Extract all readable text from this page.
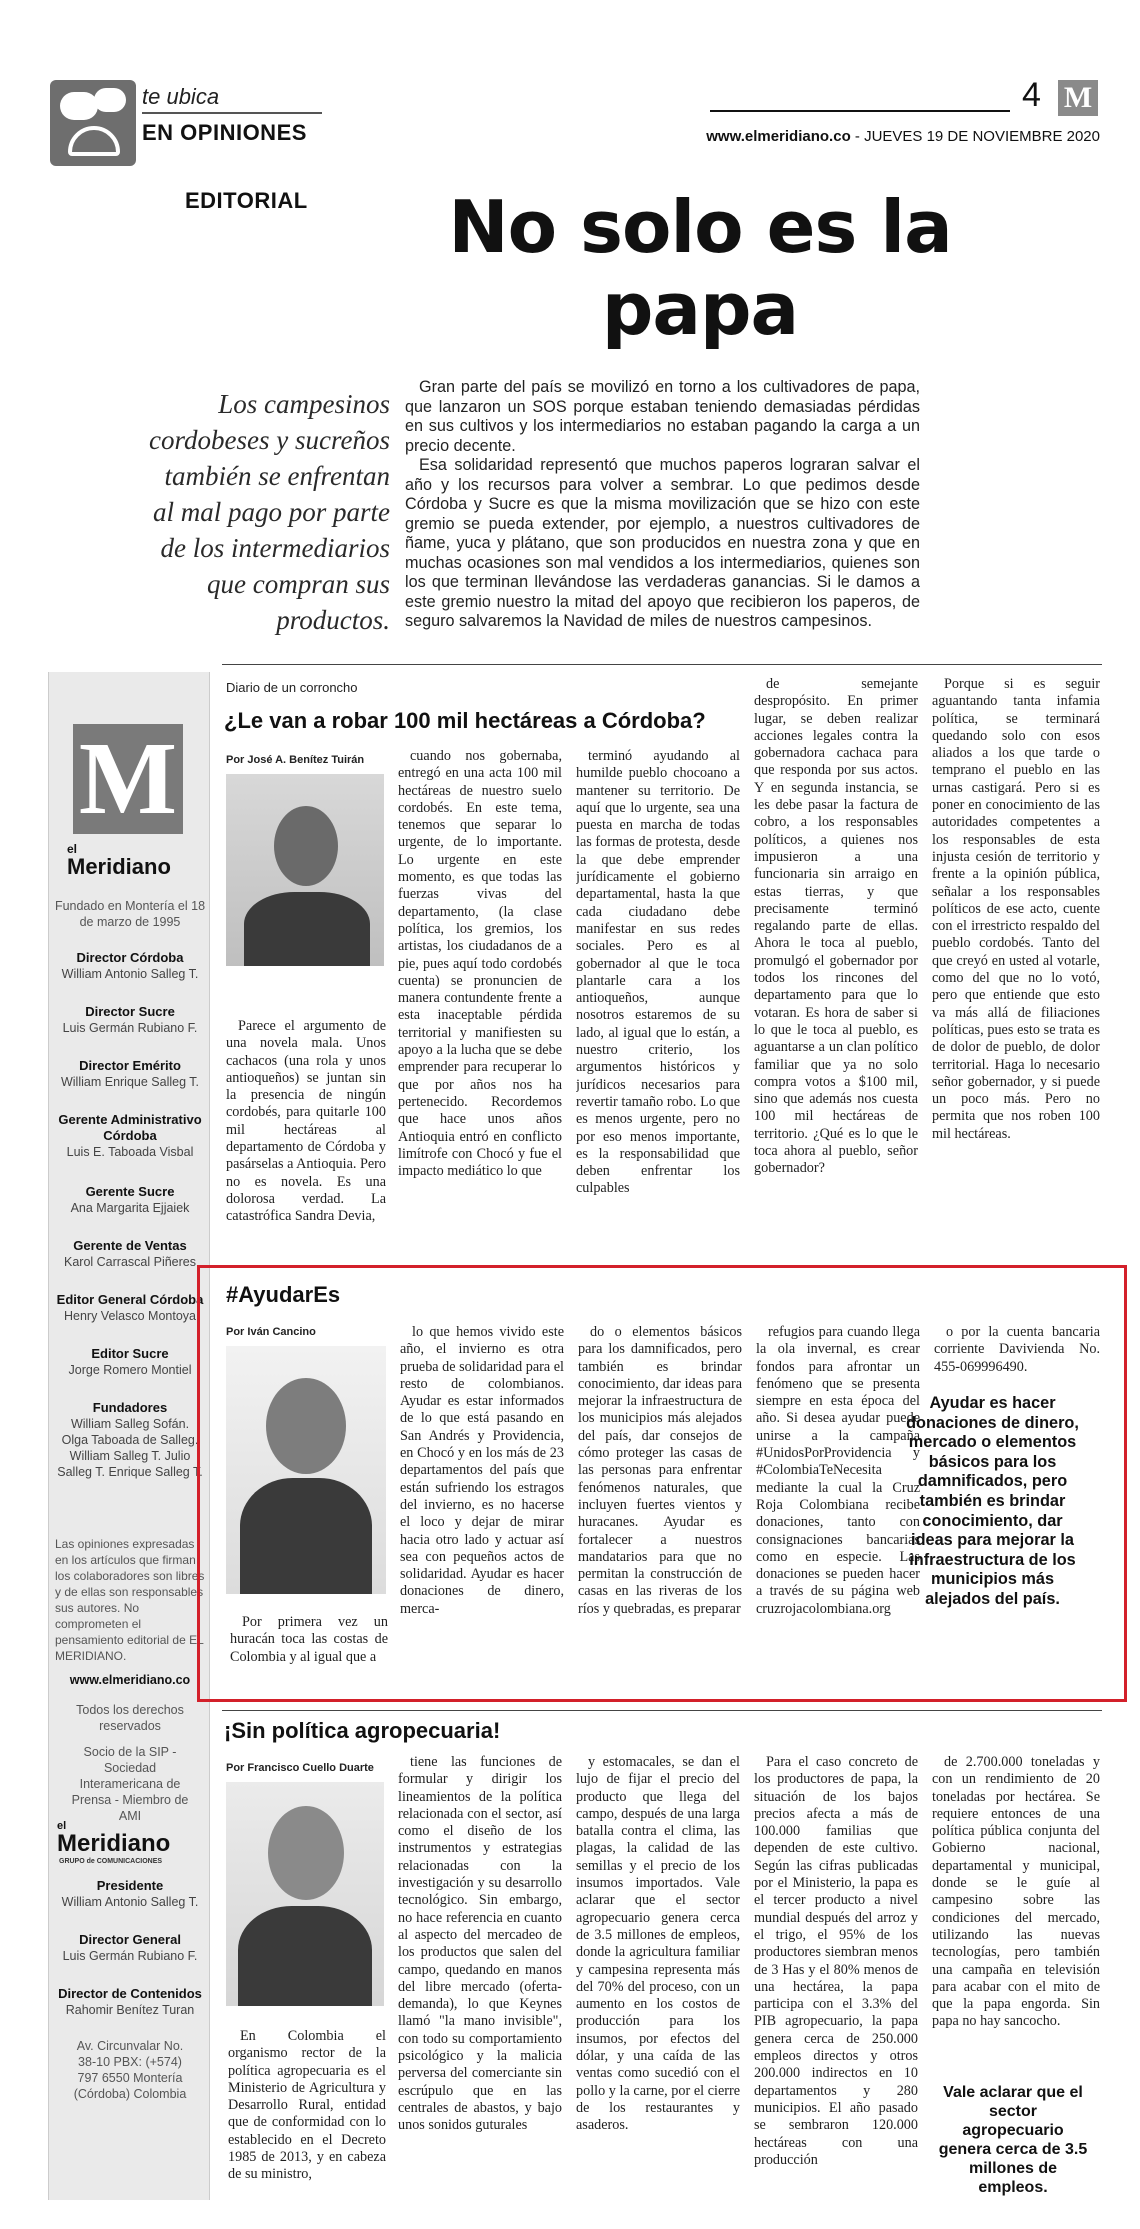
te ubica
EN OPINIONES
4 M
www.elmeridiano.co - JUEVES 19 DE NOVIEMBRE 2020
EDITORIAL	No solo es la papa
Los campesinos cordobeses y sucreños también se enfrentan al mal pago por parte de los intermediarios que compran sus productos.

Gran parte del país se movilizó en torno a los cultivadores de papa, que lanzaron un SOS porque estaban teniendo demasiadas pérdidas en sus cultivos y los intermediarios no estaban pagando la carga a un precio decente.

Esa solidaridad representó que muchos paperos lograran salvar el año y los recursos para volver a sembrar. Lo que pedimos desde Córdoba y Sucre es que la misma movilización que se hizo con este gremio se pueda extender, por ejemplo, a nuestros cultivadores de ñame, yuca y plátano, que son producidos en nuestra zona y que en muchas ocasiones son mal vendidos a los intermediarios, quienes son los que terminan llevándose las verdaderas ganancias. Si le damos a este gremio nuestro la mitad del apoyo que recibieron los paperos, de seguro salvaremos la Navidad de miles de nuestros campesinos.

M
el
Meridiano
Fundado en Montería el 18 de marzo de 1995
Director Córdoba
William Antonio Salleg T.
Director Sucre
Luis Germán Rubiano F.
Director Emérito
William Enrique Salleg T.
Gerente Administrativo Córdoba
Luis E. Taboada Visbal
Gerente Sucre
Ana Margarita Ejjaiek
Gerente de Ventas
Karol Carrascal Piñeres
Editor General Córdoba
Henry Velasco Montoya
Editor Sucre
Jorge Romero Montiel
Fundadores
William Salleg Sofán. Olga Taboada de Salleg. William Salleg T. Julio Salleg T. Enrique Salleg T.
Las opiniones expresadas en los artículos que firman los colaboradores son libres y de ellas son responsables sus autores. No comprometen el pensamiento editorial de EL MERIDIANO.
www.elmeridiano.co
Todos los derechos reservados
Socio de la SIP - Sociedad Interamericana de Prensa - Miembro de AMI
el
Meridiano
GRUPO de COMUNICACIONES
Presidente
William Antonio Salleg T.
Director General
Luis Germán Rubiano F.
Director de Contenidos
Rahomir Benítez Turan
Av. Circunvalar No. 38-10 PBX: (+574) 797 6550 Montería (Córdoba) Colombia
Diario de un corroncho
¿Le van a robar 100 mil hectáreas a Córdoba?
Por José A. Benítez Tuirán

Parece el argumento de una novela mala. Unos cachacos (una rola y unos antioqueños) se juntan sin la presencia de ningún cordobés, para quitarle 100 mil hectáreas al departamento de Córdoba y pasárselas a Antioquia. Pero no es novela. Es una dolorosa verdad. La catastrófica Sandra Devia,

cuando nos gobernaba, entregó en una acta 100 mil hectáreas de nuestro suelo cordobés. En este tema, tenemos que separar lo urgente, de lo importante. Lo urgente en este momento, es que todas las fuerzas vivas del departamento, (la clase política, los gremios, los artistas, los ciudadanos de a pie, pues aquí todo cordobés cuenta) se pronuncien de manera contundente frente a esta inaceptable pérdida territorial y manifiesten su apoyo a la lucha que se debe emprender para recuperar lo que por años nos ha pertenecido. Recordemos que hace unos años Antioquia entró en conflicto limítrofe con Chocó y fue el impacto mediático lo que

terminó ayudando al humilde pueblo chocoano a mantener su territorio. De aquí que lo urgente, sea una puesta en marcha de todas las formas de protesta, desde la que debe emprender jurídicamente el gobierno departamental, hasta la que cada ciudadano debe manifestar en sus redes sociales. Pero es al gobernador al que le toca plantarle cara a los antioqueños, aunque nosotros estaremos de su lado, al igual que lo están, a nuestro criterio, los argumentos históricos y jurídicos necesarios para revertir tamaño robo. Lo que es menos urgente, pero no por eso menos importante, es la responsabilidad que deben enfrentar los culpables

de semejante despropósito. En primer lugar, se deben realizar acciones legales contra la gobernadora cachaca para que responda por sus actos. Y en segunda instancia, se les debe pasar la factura de cobro, a los responsables políticos, a quienes nos impusieron a una funcionaria sin arraigo en estas tierras, y que precisamente terminó regalando parte de ellas. Ahora le toca al pueblo, promulgó el gobernador por todos los rincones del departamento para que lo votaran. Es hora de saber si lo que le toca al pueblo, es aguantarse a un clan político familiar que ya no solo compra votos a $100 mil, sino que además nos cuesta 100 mil hectáreas de territorio. ¿Qué es lo que le toca ahora al pueblo, señor gobernador?

Porque si es seguir aguantando tanta infamia política, se terminará quedando solo con esos aliados a los que tarde o temprano el pueblo en las urnas castigará. Pero si es poner en conocimiento de las autoridades competentes a los responsables de esta injusta cesión de territorio y frente a la opinión pública, señalar a los responsables políticos de ese acto, cuente con el irrestricto respaldo del pueblo cordobés. Tanto del que creyó en usted al votarle, como del que no lo votó, pero que entiende que esto va más allá de filiaciones políticas, pues esto se trata es de dolor de pueblo, de dolor territorial. Haga lo necesario señor gobernador, y si puede un poco más. Pero no permita que nos roben 100 mil hectáreas.

#AyudarEs
Por Iván Cancino

Por primera vez un huracán toca las costas de Colombia y al igual que a

lo que hemos vivido este año, el invierno es otra prueba de solidaridad para el resto de colombianos. Ayudar es estar informados de lo que está pasando en San Andrés y Providencia, en Chocó y en los más de 23 departamentos del país que están sufriendo los estragos del invierno, es no hacerse el loco y dejar de mirar hacia otro lado y actuar así sea con pequeños actos de solidaridad. Ayudar es hacer donaciones de dinero, merca-

do o elementos básicos para los damnificados, pero también es brindar conocimiento, dar ideas para mejorar la infraestructura de los municipios más alejados del país, dar consejos de cómo proteger las casas de las personas para enfrentar fenómenos naturales, que incluyen fuertes vientos y huracanes. Ayudar es fortalecer a nuestros mandatarios para que no permitan la construcción de casas en las riveras de los ríos y quebradas, es preparar

refugios para cuando llega la ola invernal, es crear fondos para afrontar un fenómeno que se presenta siempre en esta época del año. Si desea ayudar puede unirse a la campaña #UnidosPorProvidencia y #ColombiaTeNecesita mediante la cual la Cruz Roja Colombiana recibe donaciones, tanto con consignaciones bancarias como en especie. Las donaciones se pueden hacer a través de su página web cruzrojacolombiana.org

o por la cuenta bancaria corriente Davivienda No. 455-069996490.

Ayudar es hacer donaciones de dinero, mercado o elementos básicos para los damnificados, pero también es brindar conocimiento, dar ideas para mejorar la infraestructura de los municipios más alejados del país.
¡Sin política agropecuaria!
Por Francisco Cuello Duarte

En Colombia el organismo rector de la política agropecuaria es el Ministerio de Agricultura y Desarrollo Rural, entidad que de conformidad con lo establecido en el Decreto 1985 de 2013, y en cabeza de su ministro,

tiene las funciones de formular y dirigir los lineamientos de la política relacionada con el sector, así como el diseño de los instrumentos y estrategias relacionadas con la investigación y su desarrollo tecnológico. Sin embargo, no hace referencia en cuanto al aspecto del mercadeo de los productos que salen del campo, quedando en manos del libre mercado (oferta-demanda), lo que Keynes llamó "la mano invisible", con todo su comportamiento psicológico y la malicia perversa del comerciante sin escrúpulo que en las centrales de abastos, y bajo unos sonidos guturales

y estomacales, se dan el lujo de fijar el precio del producto que llega del campo, después de una larga batalla contra el clima, las plagas, la calidad de las semillas y el precio de los insumos importados. Vale aclarar que el sector agropecuario genera cerca de 3.5 millones de empleos, donde la agricultura familiar y campesina representa más del 70% del proceso, con un aumento en los costos de producción para los insumos, por efectos del dólar, y una caída de las ventas como sucedió con el pollo y la carne, por el cierre de los restaurantes y asaderos.

Para el caso concreto de los productores de papa, la situación de los bajos precios afecta a más de 100.000 familias que dependen de este cultivo. Según las cifras publicadas por el Ministerio, la papa es el tercer producto a nivel mundial después del arroz y el trigo, el 95% de los productores siembran menos de 3 Has y el 80% menos de una hectárea, la papa participa con el 3.3% del PIB agropecuario, la papa genera cerca de 250.000 empleos directos y otros 200.000 indirectos en 10 departamentos y 280 municipios. El año pasado se sembraron 120.000 hectáreas con una producción

de 2.700.000 toneladas y con un rendimiento de 20 toneladas por hectárea. Se requiere entonces de una política pública conjunta del Gobierno nacional, departamental y municipal, donde se le guíe al campesino sobre las condiciones del mercado, utilizando las nuevas tecnologías, pero también una campaña en televisión para acabar con el mito de que la papa engorda. Sin papa no hay sancocho.

Vale aclarar que el sector agropecuario genera cerca de 3.5 millones de empleos.
